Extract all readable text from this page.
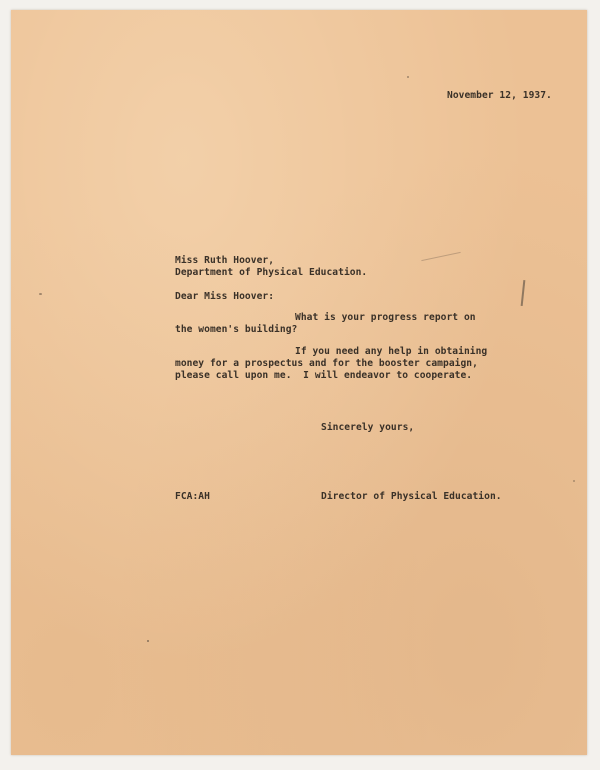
November 12, 1937.
Miss Ruth Hoover,
Department of Physical Education.
Dear Miss Hoover:
What is your progress report on
the women's building?
If you need any help in obtaining
money for a prospectus and for the booster campaign,
please call upon me.  I will endeavor to cooperate.
Sincerely yours,
FCA:AH	Director of Physical Education.
